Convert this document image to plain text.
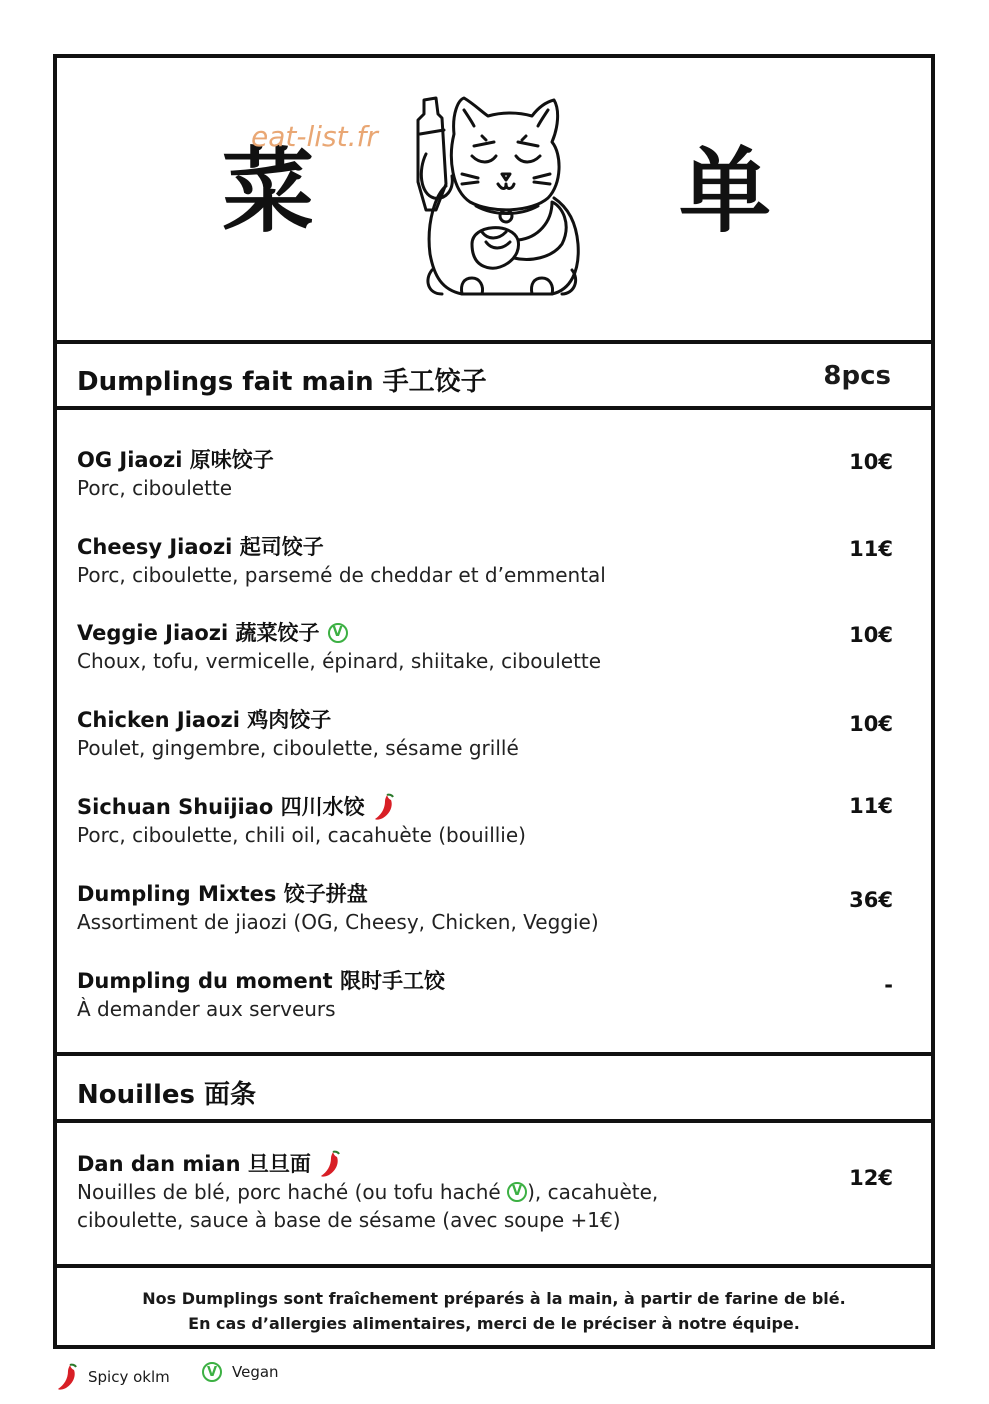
菜
eat-list.fr
单
Dumplings fait main 手工饺子	8pcs
OG Jiaozi 原味饺子
Porc, ciboulette
10€
Cheesy Jiaozi 起司饺子
Porc, ciboulette, parsemé de cheddar et d’emmental
11€
Veggie Jiaozi 蔬菜饺子 V
Choux, tofu, vermicelle, épinard, shiitake, ciboulette
10€
Chicken Jiaozi 鸡肉饺子
Poulet, gingembre, ciboulette, sésame grillé
10€
Sichuan Shuijiao 四川水饺
Porc, ciboulette, chili oil, cacahuète (bouillie)
11€
Dumpling Mixtes 饺子拼盘
Assortiment de jiaozi (OG, Cheesy, Chicken, Veggie)
36€
Dumpling du moment 限时手工饺
À demander aux serveurs
-
Nouilles 面条
Dan dan mian 旦旦面
Nouilles de blé, porc haché (ou tofu haché V ), cacahuète,
ciboulette, sauce à base de sésame (avec soupe +1€)
12€
Nos Dumplings sont fraîchement préparés à la main, à partir de farine de blé.
En cas d’allergies alimentaires, merci de le préciser à notre équipe.
Spicy oklm	V Vegan
